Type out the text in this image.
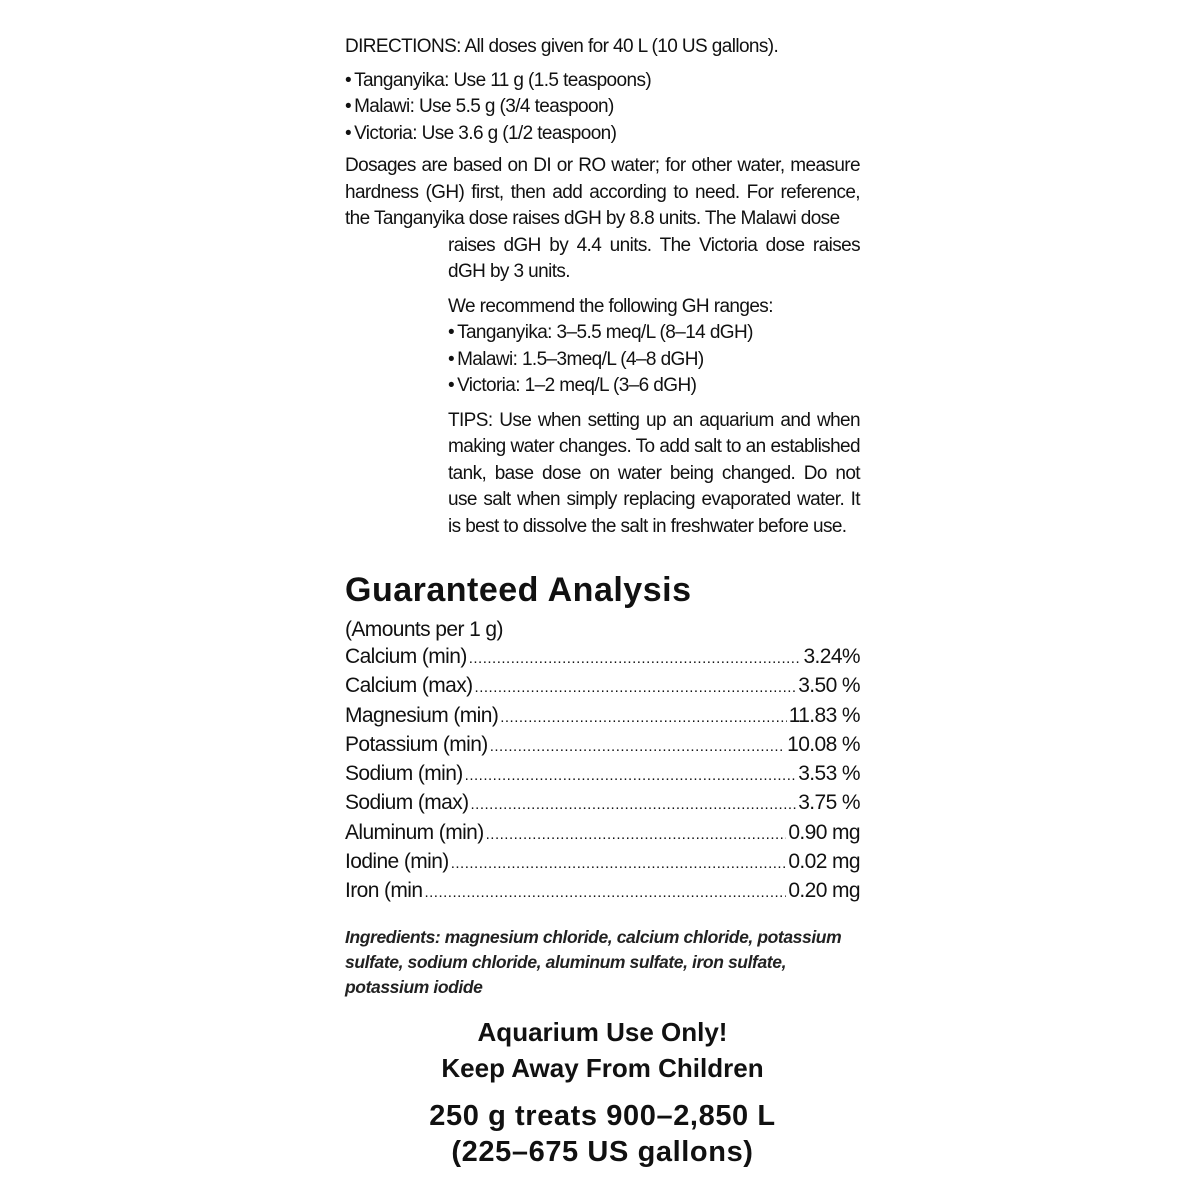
DIRECTIONS: All doses given for 40 L (10 US gallons).

• Tanganyika: Use 11 g (1.5 teaspoons)
• Malawi: Use 5.5 g (3/4 teaspoon)
• Victoria: Use 3.6 g (1/2 teaspoon)

Dosages are based on DI or RO water; for other water, measure hardness (GH) first, then add according to need. For reference, the Tanganyika dose raises dGH by 8.8 units. The Malawi dose

raises dGH by 4.4 units. The Victoria dose raises dGH by 3 units.

We recommend the following GH ranges:

• Tanganyika: 3–5.5 meq/L (8–14 dGH)
• Malawi: 1.5–3meq/L (4–8 dGH)
• Victoria: 1–2 meq/L (3–6 dGH)

TIPS: Use when setting up an aquarium and when making water changes. To add salt to an established tank, base dose on water being changed. Do not use salt when simply replacing evaporated water. It is best to dissolve the salt in freshwater before use.

Guaranteed Analysis

(Amounts per 1 g)

Calcium (min) .....	3.24%
Calcium (max) .....	3.50 %
Magnesium (min) .....	11.83 %
Potassium (min) .....	10.08 %
Sodium (min) .....	3.53 %
Sodium (max) .....	3.75 %
Aluminum (min) .....	0.90 mg
Iodine (min) .....	0.02 mg
Iron (min .....	0.20 mg

Ingredients: magnesium chloride, calcium chloride, potassium sulfate, sodium chloride, aluminum sulfate, iron sulfate, potassium iodide

Aquarium Use Only!
Keep Away From Children
250 g treats 900–2,850 L
(225–675 US gallons)
